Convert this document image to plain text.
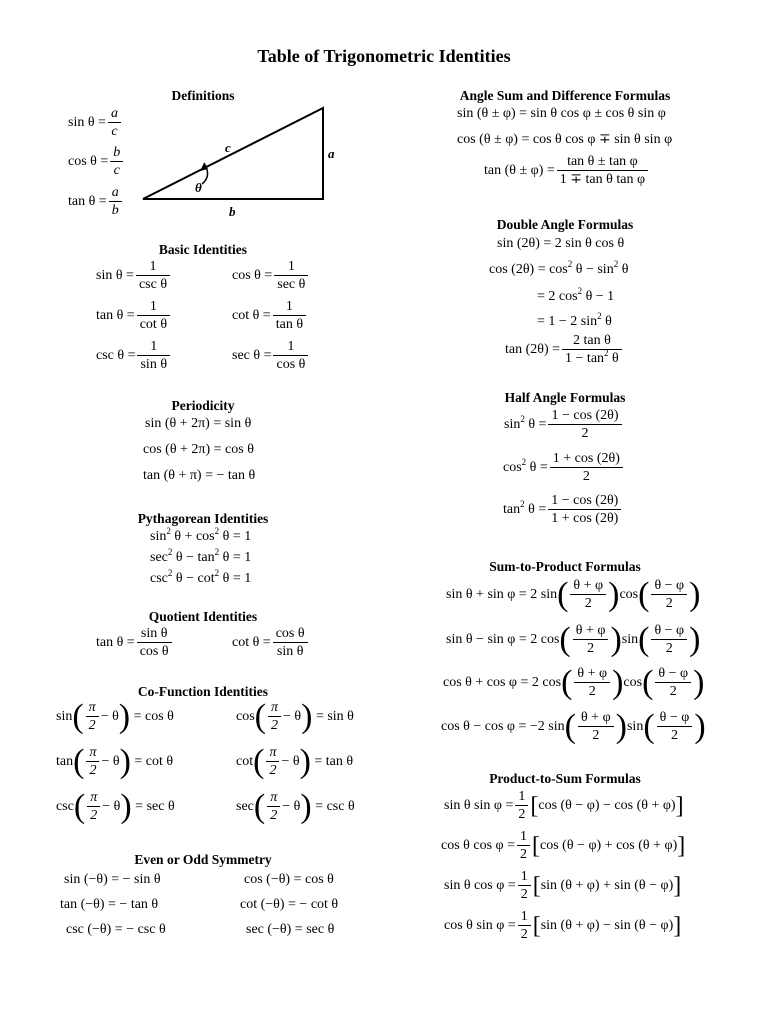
Table of Trigonometric Identities
Definitions
$\sin \theta = \frac{a}{c}$
$\cos \theta = \frac{b}{c}$
$\tan \theta = \frac{a}{b}$
c	a
b
θ
Basic Identities
$\sin \theta = \frac{1}{\text{csc θ}}$	$\cos \theta = \frac{1}{\text{sec θ}}$
$\tan \theta = \frac{1}{\text{cot θ}}$	$\cot \theta = \frac{1}{\text{tan θ}}$
$\csc \theta = \frac{1}{\text{sin θ}}$	$\sec \theta = \frac{1}{\text{cos θ}}$
Periodicity
sin (θ + 2π) = sin θ
cos (θ + 2π) = cos θ
tan (θ + π) = − tan θ
Pythagorean Identities
$\sin^2 \theta + \cos^2 \theta = 1$
$\sec^2 \theta - \tan^2 \theta = 1$
$\csc^2 \theta - \cot^2 \theta = 1$
Quotient Identities
$\tan \theta = \frac{\text{sin θ}}{\text{cos θ}}$	$\cot \theta = \frac{\text{cos θ}}{\text{sin θ}}$
Co-Function Identities
$\sin( \frac{\pi}{2} - \theta) = \cos \theta$	$\cos( \frac{\pi}{2} - \theta) = \sin \theta$
$\tan( \frac{\pi}{2} - \theta) = \cot \theta$	$\cot( \frac{\pi}{2} - \theta) = \tan \theta$
$\csc( \frac{\pi}{2} - \theta) = \sec \theta$	$\sec( \frac{\pi}{2} - \theta) = \csc \theta$
Even or Odd Symmetry
sin (−θ) = − sin θ	cos (−θ) = cos θ
tan (−θ) = − tan θ	cot (−θ) = − cot θ
csc (−θ) = − csc θ	sec (−θ) = sec θ
Angle Sum and Difference Formulas
sin (θ ± φ) = sin θ cos φ ± cos θ sin φ
cos (θ ± φ) = cos θ cos φ ∓ sin θ sin φ
$\tan (\theta \pm \varphi) = \frac{\text{tan θ ± tan φ}}{\text{1 ∓ tan θ tan φ}}$
Double Angle Formulas
sin (2θ) = 2 sin θ cos θ
$\cos (2\theta) = \cos^2 \theta - \sin^2 \theta$
= 2 $\cos^2 \theta - 1$
= 1 − 2 $\sin^2 \theta$
$\tan (2\theta) = \frac{\text{2 tan θ}}{1 - \tan^2 \theta}$
Half Angle Formulas
$\sin^2 \theta = \frac{1 - \cos (2\theta)}{2}$
$\cos^2 \theta = \frac{1 + \cos (2\theta)}{2}$
$\tan^2 \theta = \frac{1 - \cos (2\theta)}{1 + \cos (2\theta)}$
Sum-to-Product Formulas
sin θ + sin φ = 2 $\sin( \frac{\theta + \varphi}{2} )\cos( \frac{\theta - \varphi}{2}$ )
sin θ − sin φ = 2 $\cos( \frac{\theta + \varphi}{2} )\sin( \frac{\theta - \varphi}{2}$ )
cos θ + cos φ = 2 $\cos( \frac{\theta + \varphi}{2} )\cos( \frac{\theta - \varphi}{2}$ )
cos θ − cos φ = −2 $\sin( \frac{\theta + \varphi}{2} )\sin( \frac{\theta - \varphi}{2}$ )
Product-to-Sum Formulas
sin θ $\sin \varphi = \frac{1}{2} [\cos$ (θ − φ) − cos (θ + φ)]
cos θ $\cos \varphi = \frac{1}{2} [\cos$ (θ − φ) + cos (θ + φ)]
sin θ $\cos \varphi = \frac{1}{2} [\sin$ (θ + φ) + sin (θ − φ)]
cos θ $\sin \varphi = \frac{1}{2} [\sin$ (θ + φ) − sin (θ − φ)]
